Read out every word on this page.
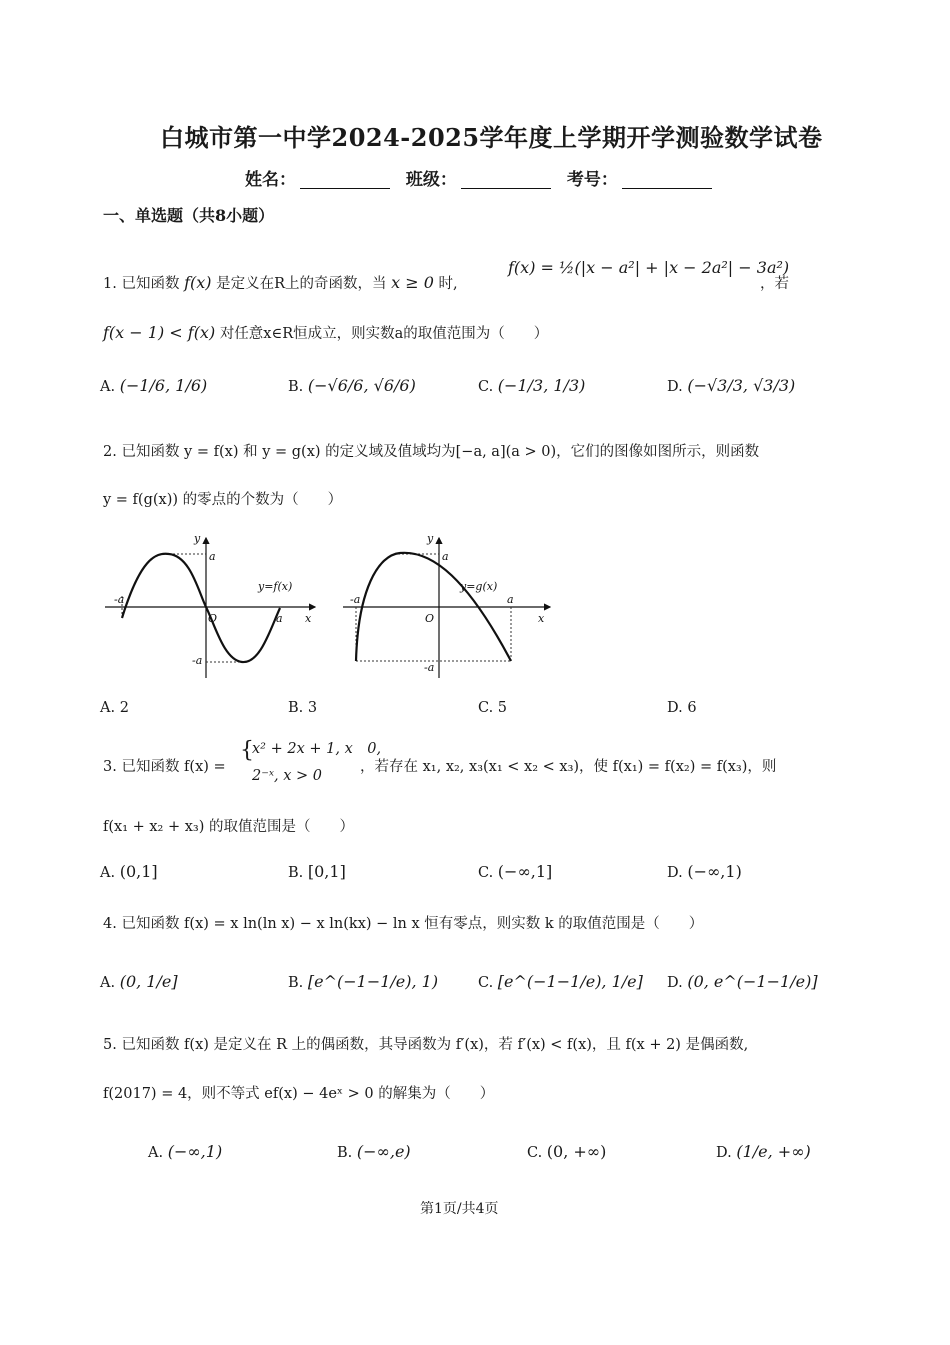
白城市第一中学2024-2025学年度上学期开学测验数学试卷
姓名：	班级：	考号：
一、单选题（共8小题）
1. 已知函数 f(x) 是定义在R上的奇函数，当 x ≥ 0 时,
f(x) = ½(|x − a²| + |x − 2a²| − 3a²)
，若
f(x − 1) < f(x) 对任意x∈R恒成立，则实数a的取值范围为（　　）
A. (−1/6, 1/6)	B. (−√6/6, √6/6)	C. (−1/3, 1/3)	D. (−√3/3, √3/3)
2. 已知函数 y = f(x) 和 y = g(x) 的定义域及值域均为[−a, a](a > 0)，它们的图像如图所示，则函数
y = f(g(x)) 的零点的个数为（　　）
y
x
O
a
-a
a
-a
y=f(x)
y
x
O
a
-a	a
-a
y=g(x)
A. 2	B. 3	C. 5	D. 6
3. 已知函数 f(x) =
{
x² + 2x + 1, x　0,
2⁻ˣ, x > 0
，若存在 x₁, x₂, x₃(x₁ < x₂ < x₃)，使 f(x₁) = f(x₂) = f(x₃)，则
f(x₁ + x₂ + x₃) 的取值范围是（　　）
A. (0,1]	B. [0,1]	C. (−∞,1]	D. (−∞,1)
4. 已知函数 f(x) = x ln(ln x) − x ln(kx) − ln x 恒有零点，则实数 k 的取值范围是（　　）
A. (0, 1/e]	B. [e^(−1−1/e), 1)	C. [e^(−1−1/e), 1/e] D. (0, e^(−1−1/e)]
5. 已知函数 f(x) 是定义在 R 上的偶函数，其导函数为 f′(x)，若 f′(x) < f(x)，且 f(x + 2) 是偶函数,
f(2017) = 4，则不等式 ef(x) − 4eˣ > 0 的解集为（　　）
A. (−∞,1)	B. (−∞,e)	C. (0, +∞)	D. (1/e, +∞)
第1页/共4页
